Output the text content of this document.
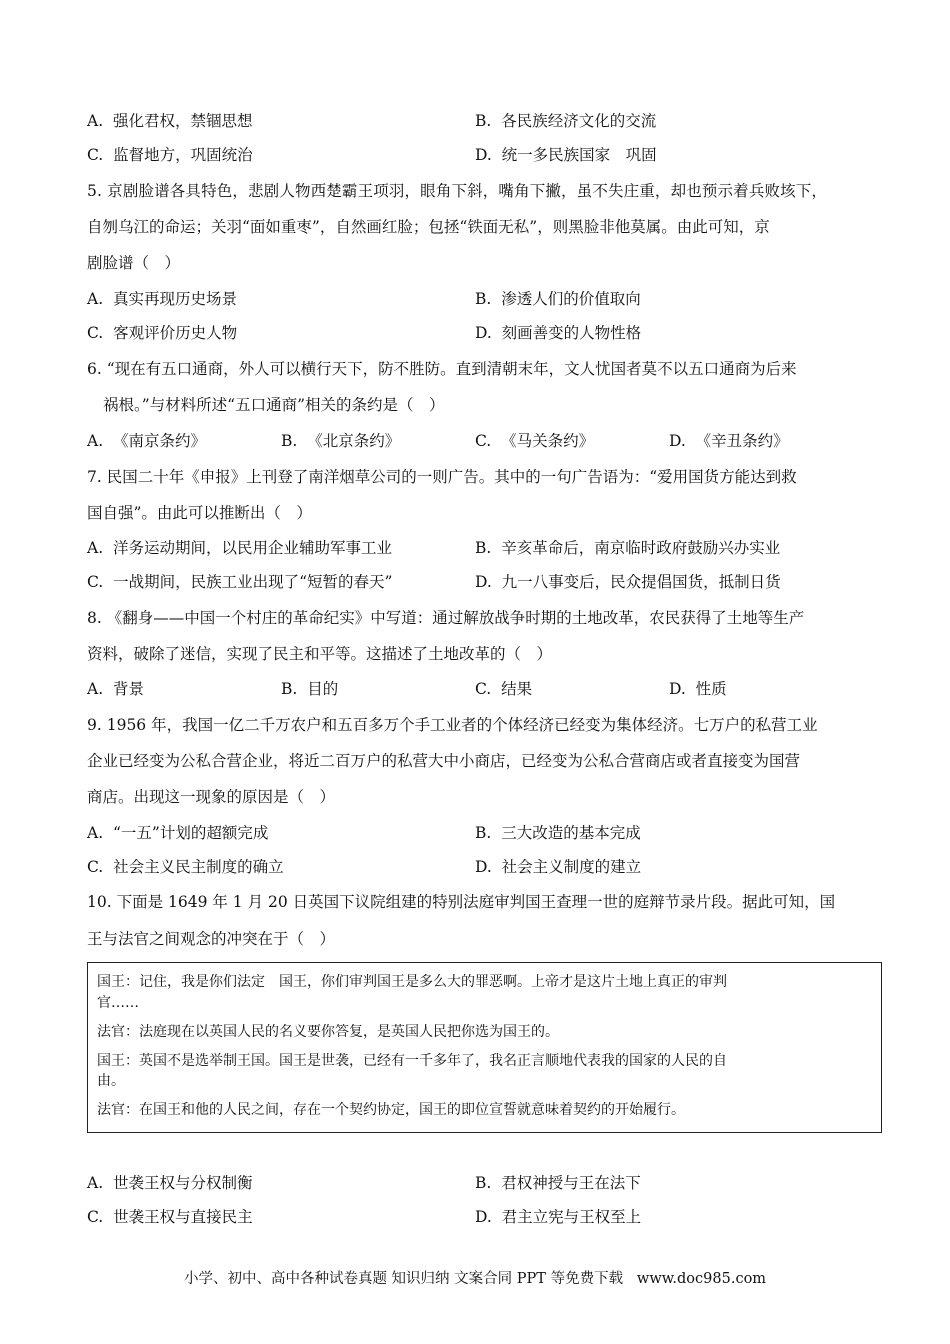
A. 强化君权，禁锢思想	B. 各民族经济文化的交流
C. 监督地方，巩固统治	D. 统一多民族国家　巩固
5. 京剧脸谱各具特色，悲剧人物西楚霸王项羽，眼角下斜，嘴角下撇，虽不失庄重，却也预示着兵败垓下，
自刎乌江的命运；关羽“面如重枣”，自然画红脸；包拯“铁面无私”，则黑脸非他莫属。由此可知，京
剧脸谱（　）
A. 真实再现历史场景	B. 渗透人们的价值取向
C. 客观评价历史人物	D. 刻画善变的人物性格
6. “现在有五口通商，外人可以横行天下，防不胜防。直到清朝末年，文人忧国者莫不以五口通商为后来
祸根。”与材料所述“五口通商”相关的条约是（　）
A. 《南京条约》	B. 《北京条约》	C. 《马关条约》	D. 《辛丑条约》
7. 民国二十年《申报》上刊登了南洋烟草公司的一则广告。其中的一句广告语为：“爱用国货方能达到救
国自强”。由此可以推断出（　）
A. 洋务运动期间，以民用企业辅助军事工业	B. 辛亥革命后，南京临时政府鼓励兴办实业
C. 一战期间，民族工业出现了“短暂的春天”	D. 九一八事变后，民众提倡国货，抵制日货
8. 《翻身——中国一个村庄的革命纪实》中写道：通过解放战争时期的土地改革，农民获得了土地等生产
资料，破除了迷信，实现了民主和平等。这描述了土地改革的（　）
A. 背景	B. 目的	C. 结果	D. 性质
9. 1956 年，我国一亿二千万农户和五百多万个手工业者的个体经济已经变为集体经济。七万户的私营工业
企业已经变为公私合营企业，将近二百万户的私营大中小商店，已经变为公私合营商店或者直接变为国营
商店。出现这一现象的原因是（　）
A. “一五”计划的超额完成	B. 三大改造的基本完成
C. 社会主义民主制度的确立	D. 社会主义制度的建立
10. 下面是 1649 年 1 月 20 日英国下议院组建的特别法庭审判国王查理一世的庭辩节录片段。据此可知，国
王与法官之间观念的冲突在于（　）
国王：记住，我是你们法定　国王，你们审判国王是多么大的罪恶啊。上帝才是这片土地上真正的审判
官……
法官：法庭现在以英国人民的名义要你答复，是英国人民把你选为国王的。
国王：英国不是选举制王国。国王是世袭，已经有一千多年了，我名正言顺地代表我的国家的人民的自
由。
法官：在国王和他的人民之间，存在一个契约协定，国王的即位宣誓就意味着契约的开始履行。
A. 世袭王权与分权制衡	B. 君权神授与王在法下
C. 世袭王权与直接民主	D. 君主立宪与王权至上
小学、初中、高中各种试卷真题 知识归纳 文案合同 PPT 等免费下载 www.doc985.com
